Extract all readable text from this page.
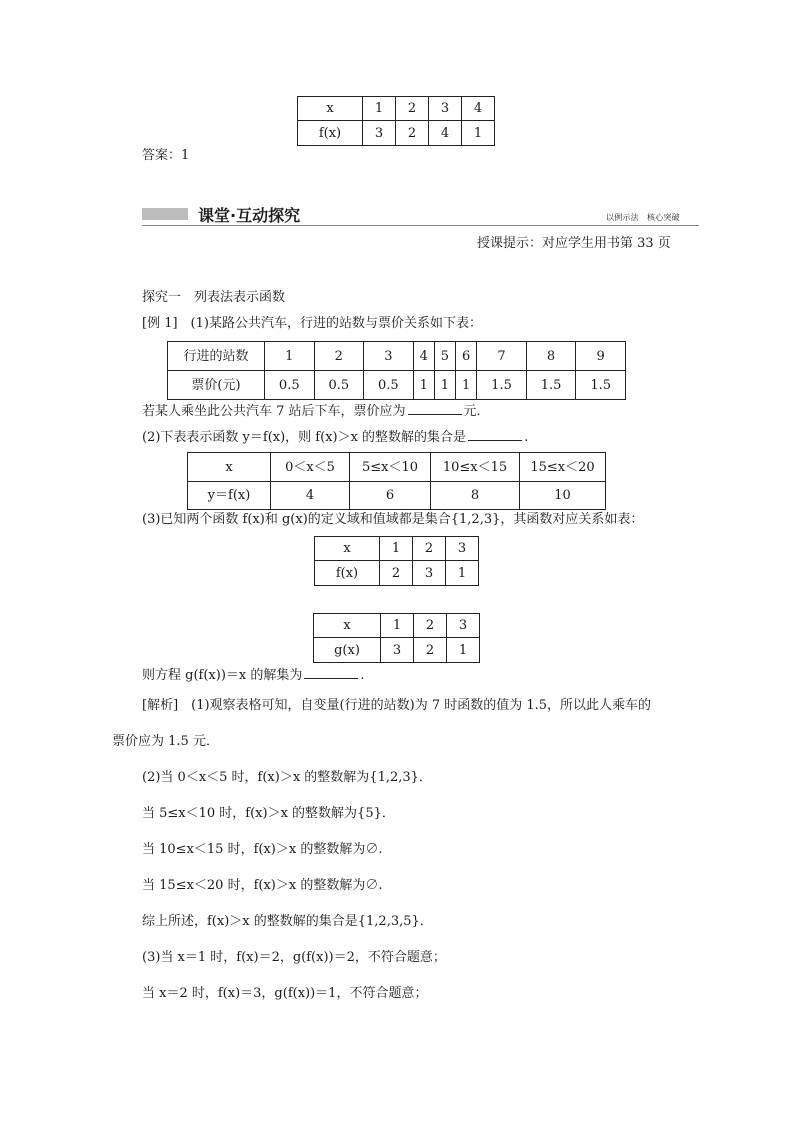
x	1	2	3	4
f(x)	3	2	4	1
答案：1
课堂·互动探究	以例示法　核心突破
授课提示：对应学生用书第 33 页
探究一　列表法表示函数
[例 1]　(1)某路公共汽车，行进的站数与票价关系如下表：
行进的站数	1	2	3	4	5	6	7	8	9
票价(元)	0.5	0.5	0.5	1	1	1	1.5	1.5	1.5
若某人乘坐此公共汽车 7 站后下车，票价应为	元．
(2)下表表示函数 y＝f(x)，则 f(x)＞x 的整数解的集合是	.
x	0＜x＜5	5≤x＜10	10≤x＜15	15≤x＜20
y＝f(x)	4	6	8	10
(3)已知两个函数 f(x)和 g(x)的定义域和值域都是集合{1,2,3}，其函数对应关系如表：
x	1	2	3
f(x)	2	3	1
x	1	2	3
g(x)	3	2	1
则方程 g(f(x))＝x 的解集为	.
[解析]　(1)观察表格可知，自变量(行进的站数)为 7 时函数的值为 1.5，所以此人乘车的
票价应为 1.5 元．
(2)当 0＜x＜5 时，f(x)＞x 的整数解为{1,2,3}．
当 5≤x＜10 时，f(x)＞x 的整数解为{5}．
当 10≤x＜15 时，f(x)＞x 的整数解为∅.
当 15≤x＜20 时，f(x)＞x 的整数解为∅.
综上所述，f(x)＞x 的整数解的集合是{1,2,3,5}．
(3)当 x＝1 时，f(x)＝2，g(f(x))＝2，不符合题意；
当 x＝2 时，f(x)＝3，g(f(x))＝1，不符合题意；
